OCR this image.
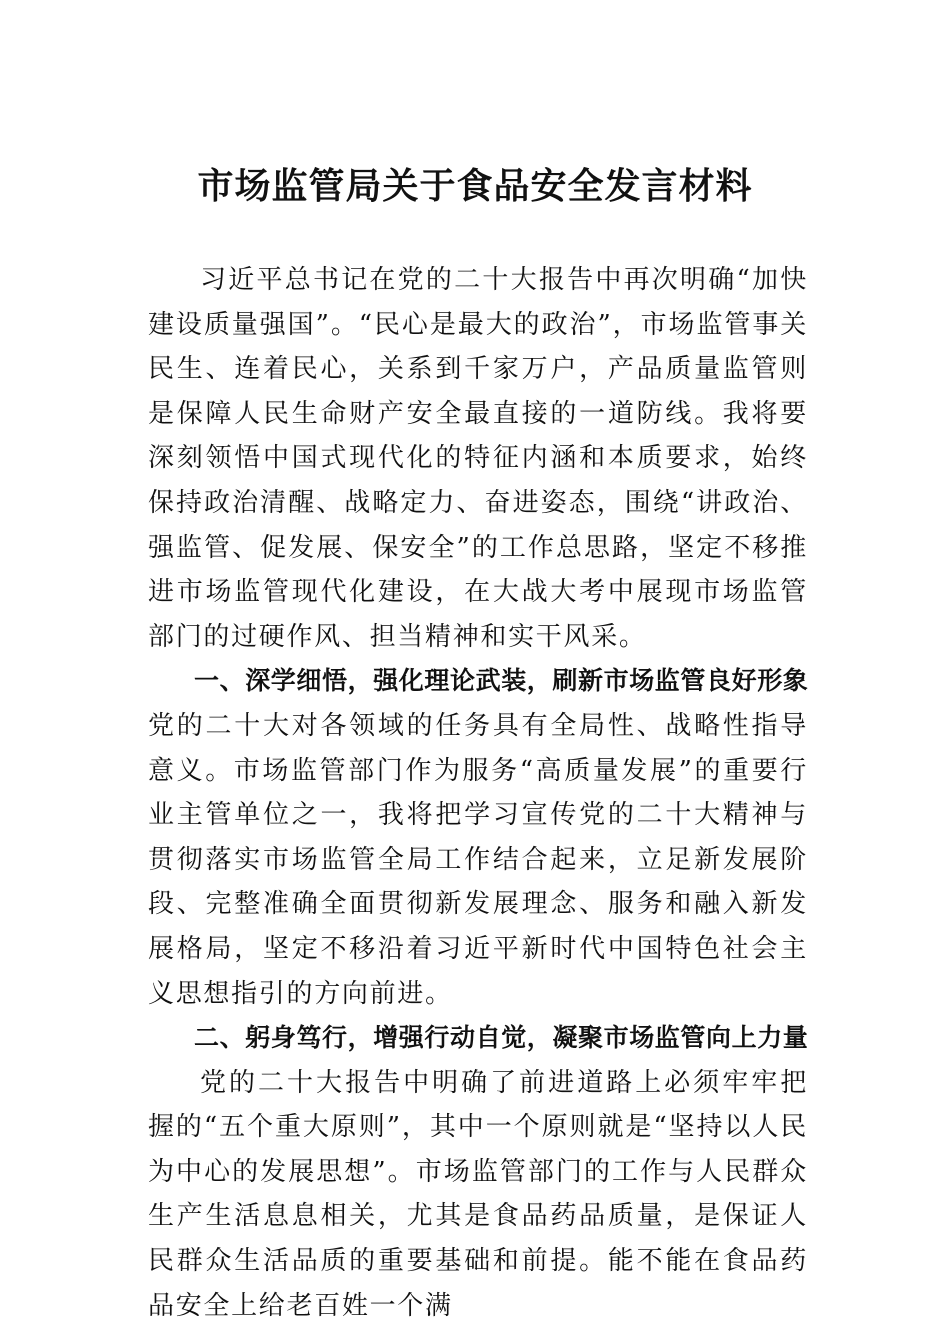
市场监管局关于食品安全发言材料

习近平总书记在党的二十大报告中再次明确“加快建设质量强国”。“民心是最大的政治”，市场监管事关民生、连着民心，关系到千家万户，产品质量监管则是保障人民生命财产安全最直接的一道防线。我将要深刻领悟中国式现代化的特征内涵和本质要求，始终保持政治清醒、战略定力、奋进姿态，围绕“讲政治、强监管、促发展、保安全”的工作总思路，坚定不移推进市场监管现代化建设，在大战大考中展现市场监管部门的过硬作风、担当精神和实干风采。

一、深学细悟，强化理论武装，刷新市场监管良好形象

党的二十大对各领域的任务具有全局性、战略性指导意义。市场监管部门作为服务“高质量发展”的重要行业主管单位之一，我将把学习宣传党的二十大精神与贯彻落实市场监管全局工作结合起来，立足新发展阶段、完整准确全面贯彻新发展理念、服务和融入新发展格局，坚定不移沿着习近平新时代中国特色社会主义思想指引的方向前进。

二、躬身笃行，增强行动自觉，凝聚市场监管向上力量

党的二十大报告中明确了前进道路上必须牢牢把握的“五个重大原则”，其中一个原则就是“坚持以人民为中心的发展思想”。市场监管部门的工作与人民群众生产生活息息相关，尤其是食品药品质量，是保证人民群众生活品质的重要基础和前提。能不能在食品药品安全上给老百姓一个满
